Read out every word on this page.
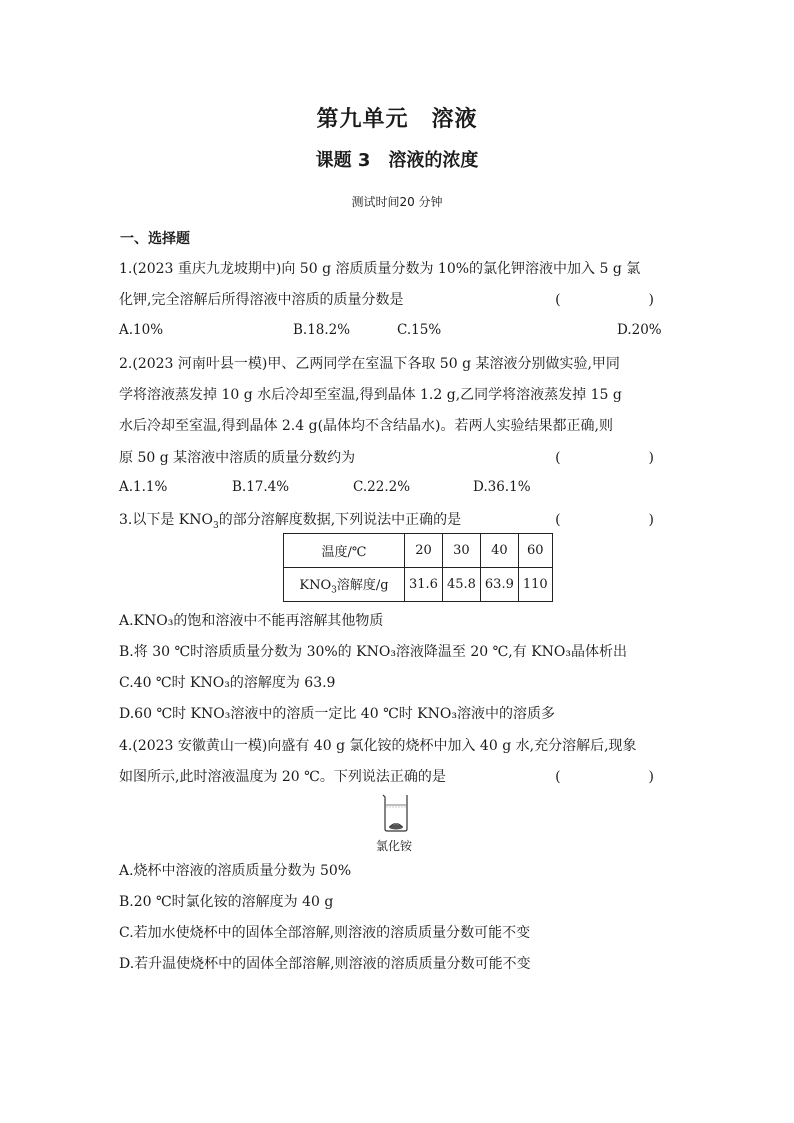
第九单元　溶液
课题 3　溶液的浓度
测试时间20 分钟
一、选择题
1.(2023 重庆九龙坡期中)向 50 g 溶质质量分数为 10%的氯化钾溶液中加入 5 g 氯
化钾,完全溶解后所得溶液中溶质的质量分数是	(　　)
A.10%	B.18.2%	C.15%	D.20%
2.(2023 河南叶县一模)甲、乙两同学在室温下各取 50 g 某溶液分别做实验,甲同
学将溶液蒸发掉 10 g 水后冷却至室温,得到晶体 1.2 g,乙同学将溶液蒸发掉 15 g
水后冷却至室温,得到晶体 2.4 g(晶体均不含结晶水)。若两人实验结果都正确,则
原 50 g 某溶液中溶质的质量分数约为	(　　)
A.1.1%	B.17.4%	C.22.2%	D.36.1%
3.以下是 $KNO_3$的部分溶解度数据,下列说法中正确的是	(　　)
温度/℃	20	30	40	60
$KNO_3$溶解度/g	31.6	45.8	63.9	110
A.KNO₃的饱和溶液中不能再溶解其他物质
B.将 30 ℃时溶质质量分数为 30%的 KNO₃溶液降温至 20 ℃,有 KNO₃晶体析出
C.40 ℃时 KNO₃的溶解度为 63.9
D.60 ℃时 KNO₃溶液中的溶质一定比 40 ℃时 KNO₃溶液中的溶质多
4.(2023 安徽黄山一模)向盛有 40 g 氯化铵的烧杯中加入 40 g 水,充分溶解后,现象
如图所示,此时溶液温度为 20 ℃。下列说法正确的是	(　　)
氯化铵
A.烧杯中溶液的溶质质量分数为 50%
B.20 ℃时氯化铵的溶解度为 40 g
C.若加水使烧杯中的固体全部溶解,则溶液的溶质质量分数可能不变
D.若升温使烧杯中的固体全部溶解,则溶液的溶质质量分数可能不变
